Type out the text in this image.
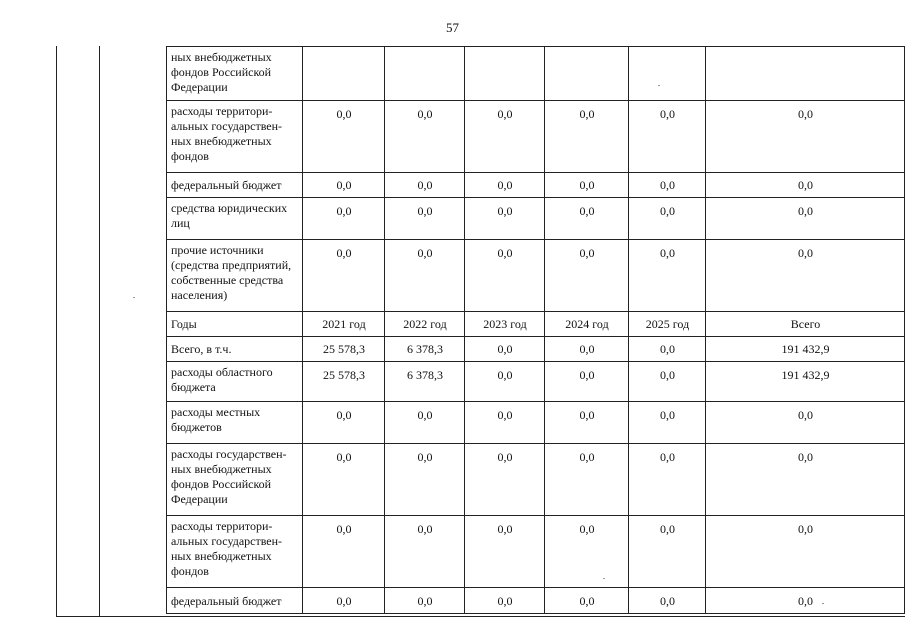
57
ных внебюджетных фондов Российской Федерации						
расходы территори-альных государствен-ных внебюджетных фондов	0,0	0,0	0,0	0,0	0,0	0,0
федеральный бюджет	0,0	0,0	0,0	0,0	0,0	0,0
средства юридических лиц	0,0	0,0	0,0	0,0	0,0	0,0
прочие источники (средства предприятий, собственные средства населения)	0,0	0,0	0,0	0,0	0,0	0,0
Годы	2021 год	2022 год	2023 год	2024 год	2025 год	Всего
Всего, в т.ч.	25 578,3	6 378,3	0,0	0,0	0,0	191 432,9
расходы областного бюджета	25 578,3	6 378,3	0,0	0,0	0,0	191 432,9
расходы местных бюджетов	0,0	0,0	0,0	0,0	0,0	0,0
расходы государствен-ных внебюджетных фондов Российской Федерации	0,0	0,0	0,0	0,0	0,0	0,0
расходы территори-альных государствен-ных внебюджетных фондов	0,0	0,0	0,0	0,0	0,0	0,0
федеральный бюджет	0,0	0,0	0,0	0,0	0,0	0,0
